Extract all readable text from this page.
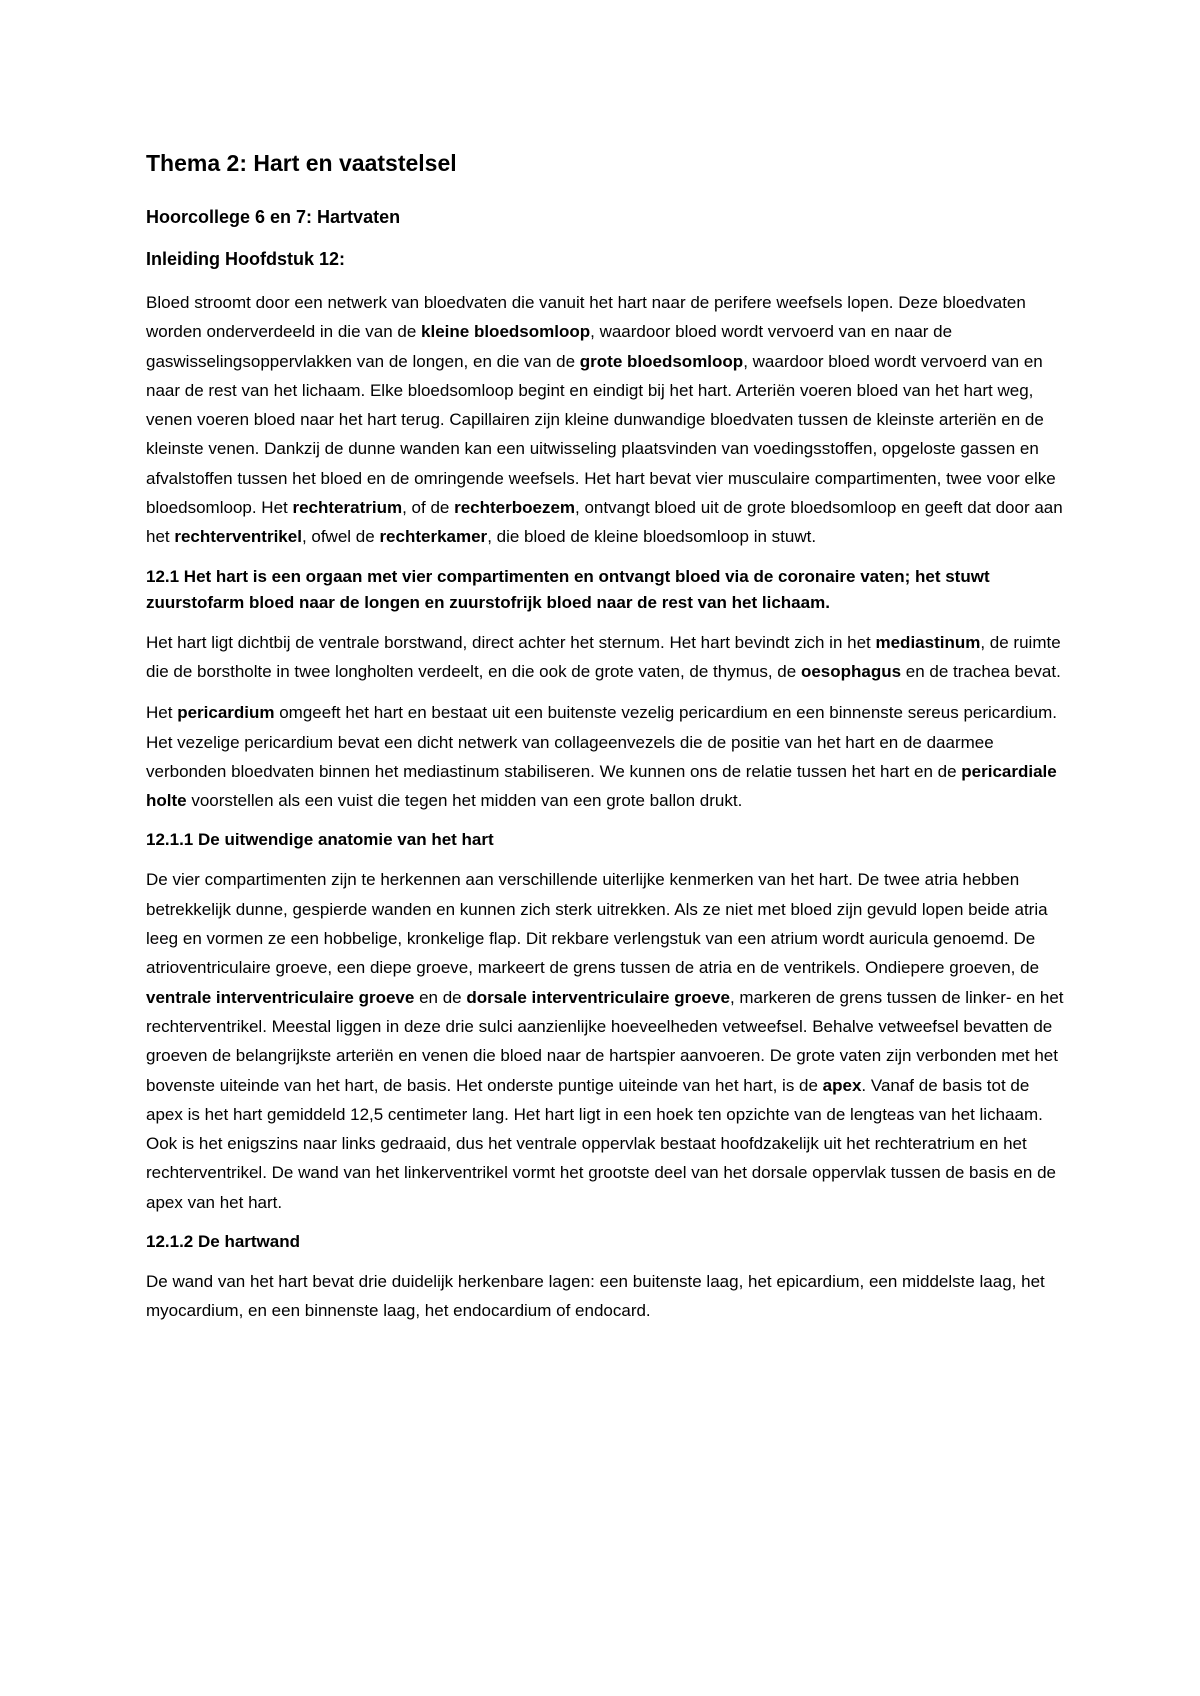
Thema 2: Hart en vaatstelsel
Hoorcollege 6 en 7: Hartvaten
Inleiding Hoofdstuk 12:

Bloed stroomt door een netwerk van bloedvaten die vanuit het hart naar de perifere weefsels lopen. Deze bloedvaten worden onderverdeeld in die van de kleine bloedsomloop, waardoor bloed wordt vervoerd van en naar de gaswisselingsoppervlakken van de longen, en die van de grote bloedsomloop, waardoor bloed wordt vervoerd van en naar de rest van het lichaam. Elke bloedsomloop begint en eindigt bij het hart. Arteriën voeren bloed van het hart weg, venen voeren bloed naar het hart terug. Capillairen zijn kleine dunwandige bloedvaten tussen de kleinste arteriën en de kleinste venen. Dankzij de dunne wanden kan een uitwisseling plaatsvinden van voedingsstoffen, opgeloste gassen en afvalstoffen tussen het bloed en de omringende weefsels. Het hart bevat vier musculaire compartimenten, twee voor elke bloedsomloop. Het rechteratrium, of de rechterboezem, ontvangt bloed uit de grote bloedsomloop en geeft dat door aan het rechterventrikel, ofwel de rechterkamer, die bloed de kleine bloedsomloop in stuwt.

12.1 Het hart is een orgaan met vier compartimenten en ontvangt bloed via de coronaire vaten; het stuwt zuurstofarm bloed naar de longen en zuurstofrijk bloed naar de rest van het lichaam.

Het hart ligt dichtbij de ventrale borstwand, direct achter het sternum. Het hart bevindt zich in het mediastinum, de ruimte die de borstholte in twee longholten verdeelt, en die ook de grote vaten, de thymus, de oesophagus en de trachea bevat.

Het pericardium omgeeft het hart en bestaat uit een buitenste vezelig pericardium en een binnenste sereus pericardium. Het vezelige pericardium bevat een dicht netwerk van collageenvezels die de positie van het hart en de daarmee verbonden bloedvaten binnen het mediastinum stabiliseren. We kunnen ons de relatie tussen het hart en de pericardiale holte voorstellen als een vuist die tegen het midden van een grote ballon drukt.

12.1.1 De uitwendige anatomie van het hart

De vier compartimenten zijn te herkennen aan verschillende uiterlijke kenmerken van het hart. De twee atria hebben betrekkelijk dunne, gespierde wanden en kunnen zich sterk uitrekken. Als ze niet met bloed zijn gevuld lopen beide atria leeg en vormen ze een hobbelige, kronkelige flap. Dit rekbare verlengstuk van een atrium wordt auricula genoemd. De atrioventriculaire groeve, een diepe groeve, markeert de grens tussen de atria en de ventrikels. Ondiepere groeven, de ventrale interventriculaire groeve en de dorsale interventriculaire groeve, markeren de grens tussen de linker- en het rechterventrikel. Meestal liggen in deze drie sulci aanzienlijke hoeveelheden vetweefsel. Behalve vetweefsel bevatten de groeven de belangrijkste arteriën en venen die bloed naar de hartspier aanvoeren. De grote vaten zijn verbonden met het bovenste uiteinde van het hart, de basis. Het onderste puntige uiteinde van het hart, is de apex. Vanaf de basis tot de apex is het hart gemiddeld 12,5 centimeter lang. Het hart ligt in een hoek ten opzichte van de lengteas van het lichaam. Ook is het enigszins naar links gedraaid, dus het ventrale oppervlak bestaat hoofdzakelijk uit het rechteratrium en het rechterventrikel. De wand van het linkerventrikel vormt het grootste deel van het dorsale oppervlak tussen de basis en de apex van het hart.

12.1.2 De hartwand

De wand van het hart bevat drie duidelijk herkenbare lagen: een buitenste laag, het epicardium, een middelste laag, het myocardium, en een binnenste laag, het endocardium of endocard.
